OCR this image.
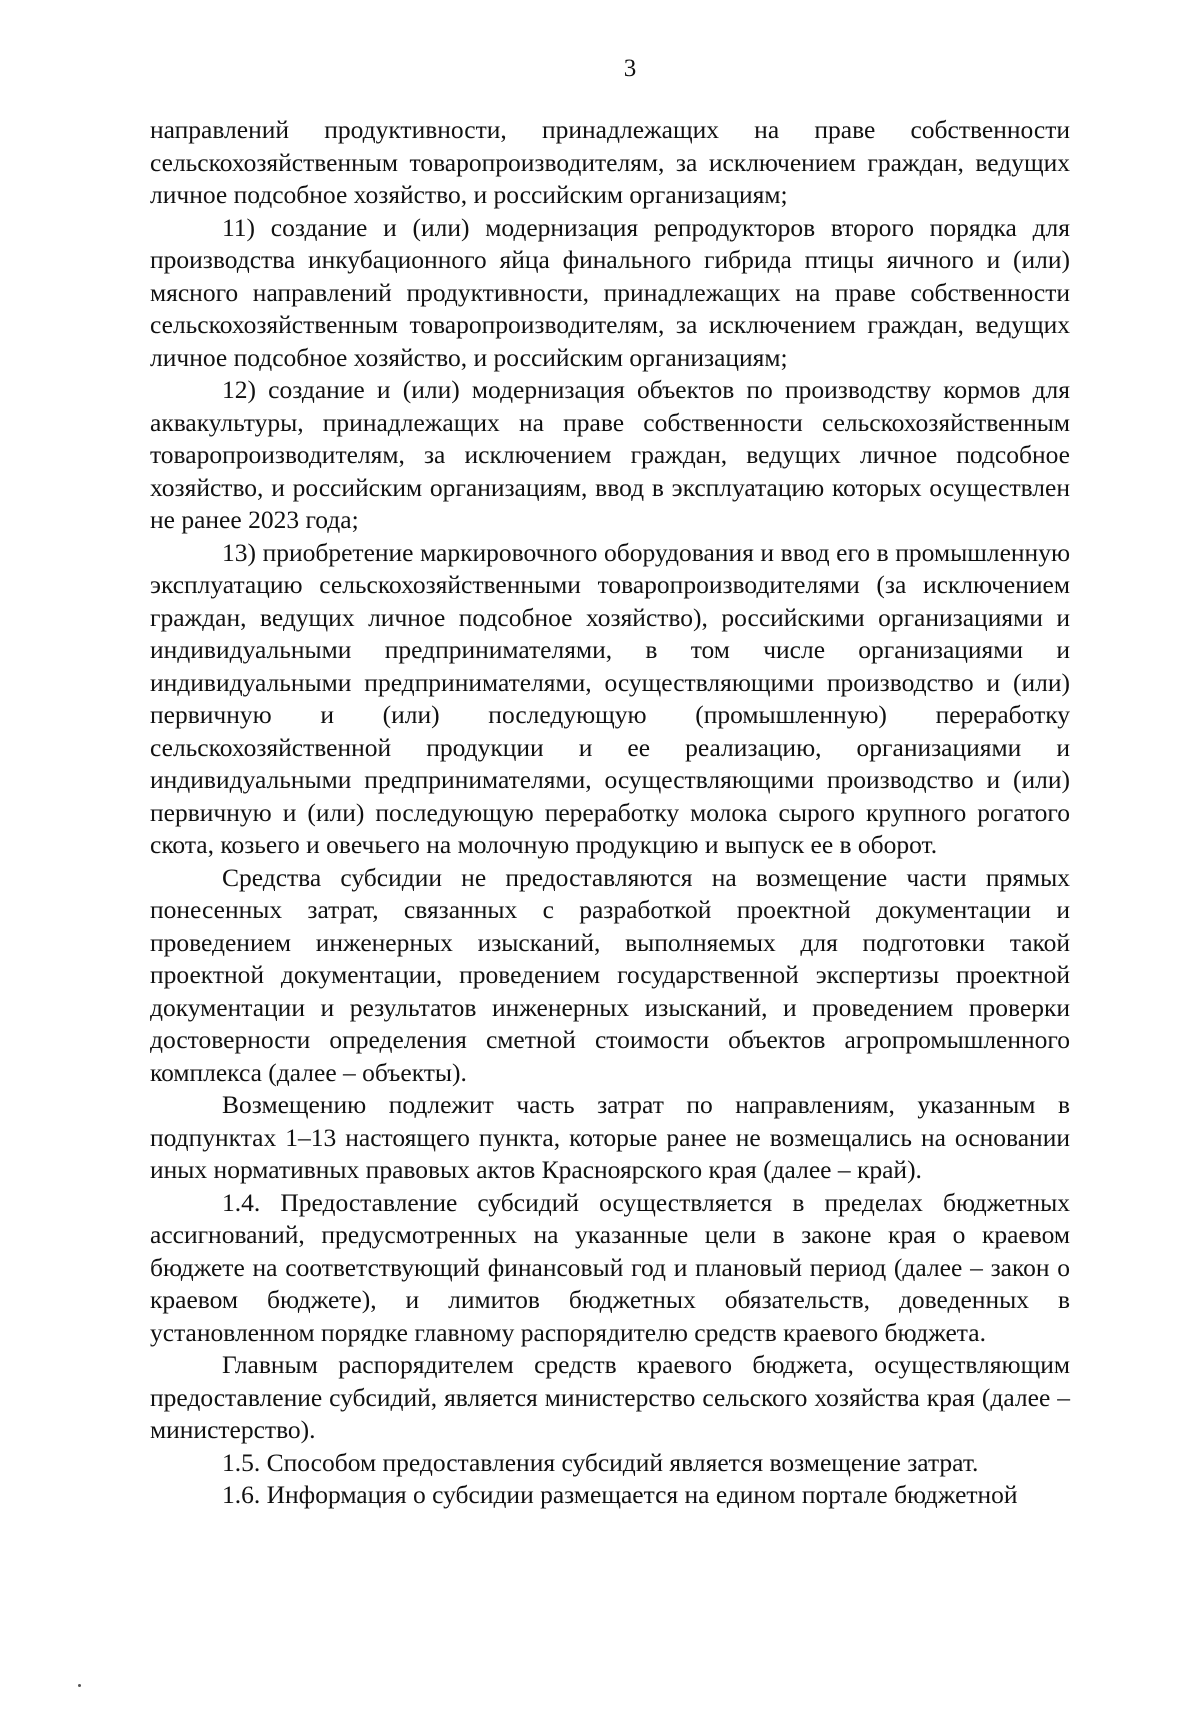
3

направлений продуктивности, принадлежащих на праве собственности сельскохозяйственным товаропроизводителям, за исключением граждан, ведущих личное подсобное хозяйство, и российским организациям;

11) создание и (или) модернизация репродукторов второго порядка для производства инкубационного яйца финального гибрида птицы яичного и (или) мясного направлений продуктивности, принадлежащих на праве собственности сельскохозяйственным товаропроизводителям, за исключением граждан, ведущих личное подсобное хозяйство, и российским организациям;

12) создание и (или) модернизация объектов по производству кормов для аквакультуры, принадлежащих на праве собственности сельскохозяйственным товаропроизводителям, за исключением граждан, ведущих личное подсобное хозяйство, и российским организациям, ввод в эксплуатацию которых осуществлен не ранее 2023 года;

13) приобретение маркировочного оборудования и ввод его в промышленную эксплуатацию сельскохозяйственными товаропроизводителями (за исключением граждан, ведущих личное подсобное хозяйство), российскими организациями и индивидуальными предпринимателями, в том числе организациями и индивидуальными предпринимателями, осуществляющими производство и (или) первичную и (или) последующую (промышленную) переработку сельскохозяйственной продукции и ее реализацию, организациями и индивидуальными предпринимателями, осуществляющими производство и (или) первичную и (или) последующую переработку молока сырого крупного рогатого скота, козьего и овечьего на молочную продукцию и выпуск ее в оборот.

Средства субсидии не предоставляются на возмещение части прямых понесенных затрат, связанных с разработкой проектной документации и проведением инженерных изысканий, выполняемых для подготовки такой проектной документации, проведением государственной экспертизы проектной документации и результатов инженерных изысканий, и проведением проверки достоверности определения сметной стоимости объектов агропромышленного комплекса (далее – объекты).

Возмещению подлежит часть затрат по направлениям, указанным в подпунктах 1–13 настоящего пункта, которые ранее не возмещались на основании иных нормативных правовых актов Красноярского края (далее – край).

1.4. Предоставление субсидий осуществляется в пределах бюджетных ассигнований, предусмотренных на указанные цели в законе края о краевом бюджете на соответствующий финансовый год и плановый период (далее – закон о краевом бюджете), и лимитов бюджетных обязательств, доведенных в установленном порядке главному распорядителю средств краевого бюджета.

Главным распорядителем средств краевого бюджета, осуществляющим предоставление субсидий, является министерство сельского хозяйства края (далее – министерство).

1.5. Способом предоставления субсидий является возмещение затрат.

1.6. Информация о субсидии размещается на едином портале бюджетной
